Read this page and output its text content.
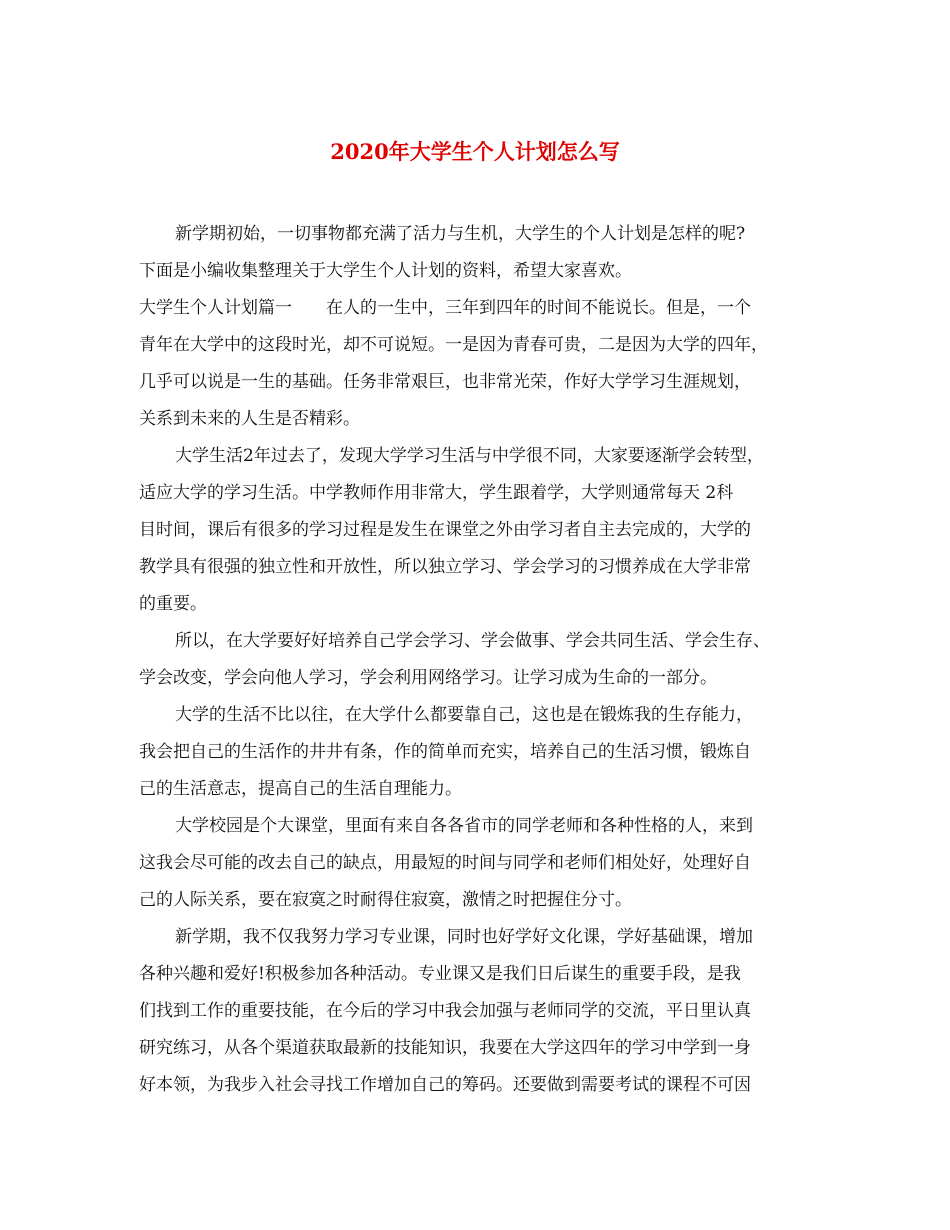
2020年大学生个人计划怎么写
新学期初始，一切事物都充满了活力与生机，大学生的个人计划是怎样的呢?
下面是小编收集整理关于大学生个人计划的资料，希望大家喜欢。
大学生个人计划篇一　　在人的一生中，三年到四年的时间不能说长。但是，一个
青年在大学中的这段时光，却不可说短。一是因为青春可贵，二是因为大学的四年，
几乎可以说是一生的基础。任务非常艰巨，也非常光荣，作好大学学习生涯规划，
关系到未来的人生是否精彩。
大学生活2年过去了，发现大学学习生活与中学很不同，大家要逐渐学会转型，
适应大学的学习生活。中学教师作用非常大，学生跟着学，大学则通常每天 2科
目时间，课后有很多的学习过程是发生在课堂之外由学习者自主去完成的，大学的
教学具有很强的独立性和开放性，所以独立学习、学会学习的习惯养成在大学非常
的重要。
所以，在大学要好好培养自己学会学习、学会做事、学会共同生活、学会生存、
学会改变，学会向他人学习，学会利用网络学习。让学习成为生命的一部分。
大学的生活不比以往，在大学什么都要靠自己，这也是在锻炼我的生存能力，
我会把自己的生活作的井井有条，作的简单而充实，培养自己的生活习惯，锻炼自
己的生活意志，提高自己的生活自理能力。
大学校园是个大课堂，里面有来自各各省市的同学老师和各种性格的人，来到
这我会尽可能的改去自己的缺点，用最短的时间与同学和老师们相处好，处理好自
己的人际关系，要在寂寞之时耐得住寂寞，激情之时把握住分寸。
新学期，我不仅我努力学习专业课，同时也好学好文化课，学好基础课，增加
各种兴趣和爱好!积极参加各种活动。专业课又是我们日后谋生的重要手段，是我
们找到工作的重要技能，在今后的学习中我会加强与老师同学的交流，平日里认真
研究练习，从各个渠道获取最新的技能知识，我要在大学这四年的学习中学到一身
好本领，为我步入社会寻找工作增加自己的筹码。还要做到需要考试的课程不可因
